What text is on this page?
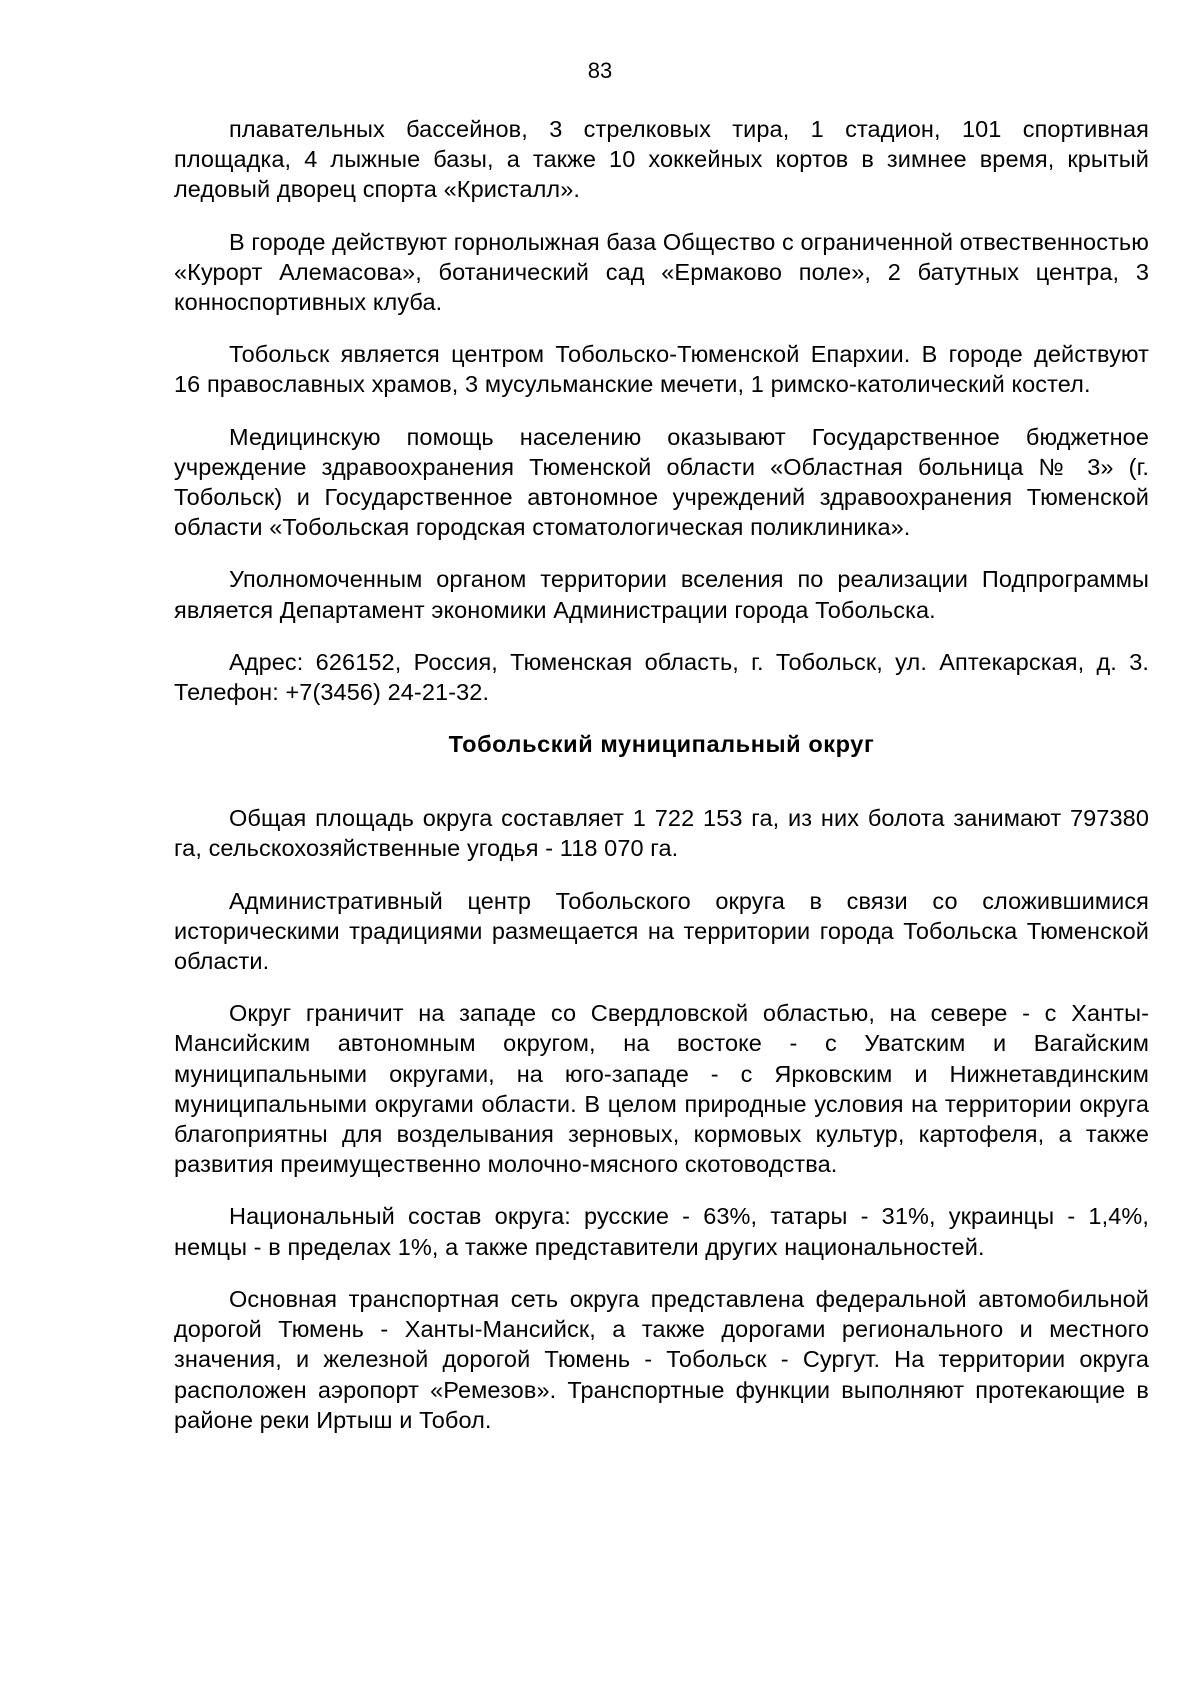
83

плавательных бассейнов, 3 стрелковых тира, 1 стадион, 101 спортивная площадка, 4 лыжные базы, а также 10 хоккейных кортов в зимнее время, крытый ледовый дворец спорта «Кристалл».

В городе действуют горнолыжная база Общество с ограниченной отвественностью «Курорт Алемасова», ботанический сад «Ермаково поле», 2 батутных центра, 3 конноспортивных клуба.

Тобольск является центром Тобольско-Тюменской Епархии. В городе действуют 16 православных храмов, 3 мусульманские мечети, 1 римско-католический костел.

Медицинскую помощь населению оказывают Государственное бюджетное учреждение здравоохранения Тюменской области «Областная больница № 3» (г. Тобольск) и Государственное автономное учреждений здравоохранения Тюменской области «Тобольская городская стоматологическая поликлиника».

Уполномоченным органом территории вселения по реализации Подпрограммы является Департамент экономики Администрации города Тобольска.

Адрес: 626152, Россия, Тюменская область, г. Тобольск, ул. Аптекарская, д. 3. Телефон: +7(3456) 24-21-32.

Тобольский муниципальный округ

Общая площадь округа составляет 1 722 153 га, из них болота занимают 797380 га, сельскохозяйственные угодья - 118 070 га.

Административный центр Тобольского округа в связи со сложившимися историческими традициями размещается на территории города Тобольска Тюменской области.

Округ граничит на западе со Свердловской областью, на севере - с Ханты-Мансийским автономным округом, на востоке - с Уватским и Вагайским муниципальными округами, на юго-западе - с Ярковским и Нижнетавдинским муниципальными округами области. В целом природные условия на территории округа благоприятны для возделывания зерновых, кормовых культур, картофеля, а также развития преимущественно молочно-мясного скотоводства.

Национальный состав округа: русские - 63%, татары - 31%, украинцы - 1,4%, немцы - в пределах 1%, а также представители других национальностей.

Основная транспортная сеть округа представлена федеральной автомобильной дорогой Тюмень - Ханты-Мансийск, а также дорогами регионального и местного значения, и железной дорогой Тюмень - Тобольск - Сургут. На территории округа расположен аэропорт «Ремезов». Транспортные функции выполняют протекающие в районе реки Иртыш и Тобол.
